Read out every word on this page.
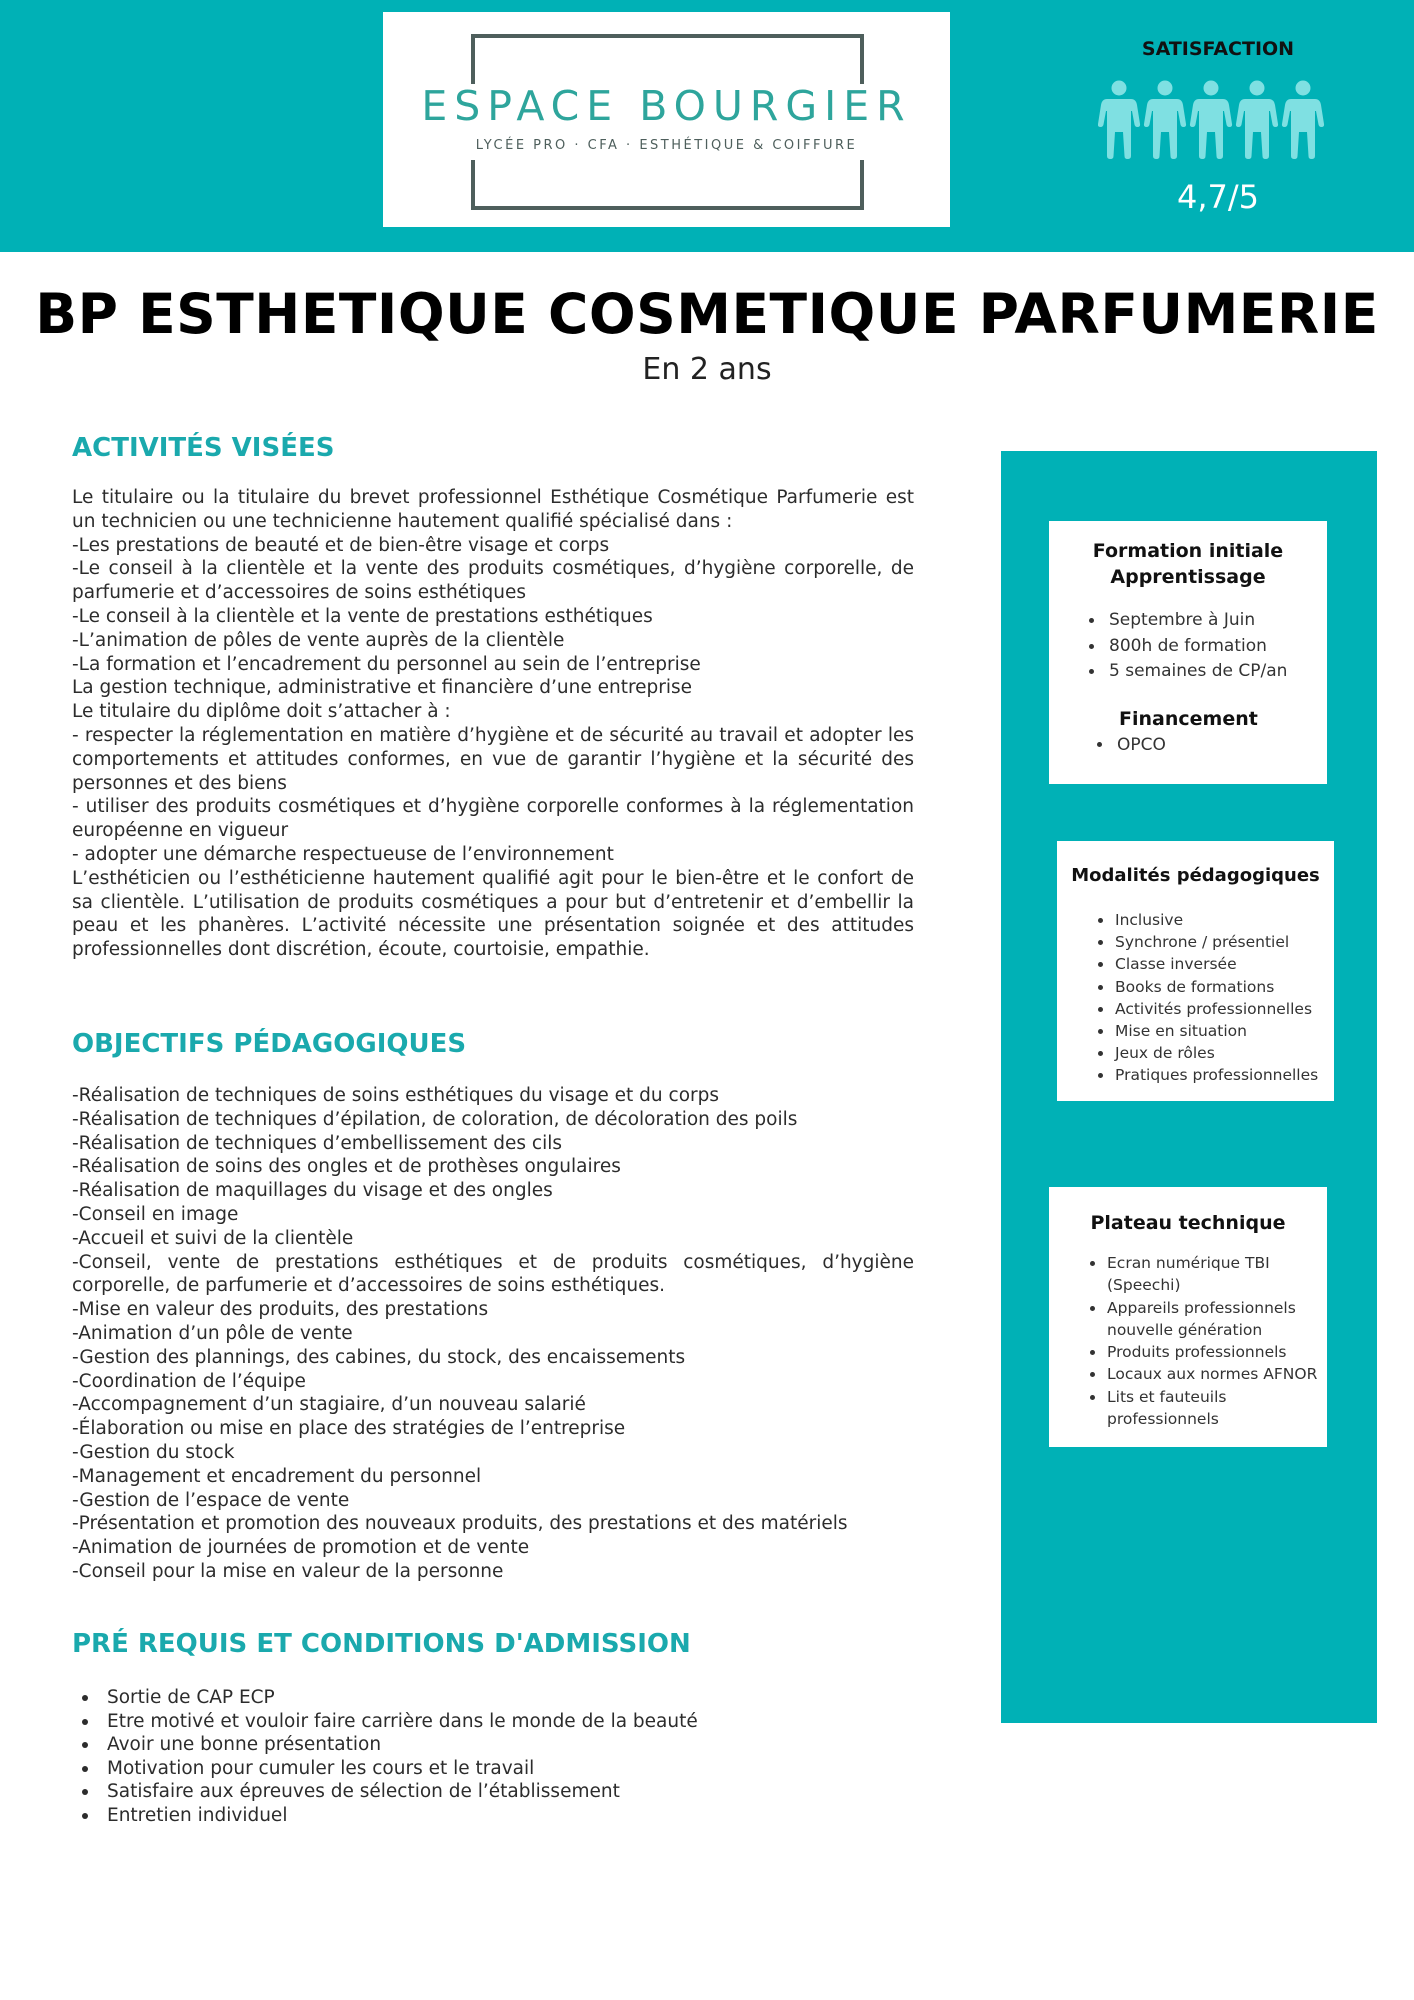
ESPACE BOURGIER
LYCÉE PRO · CFA · ESTHÉTIQUE & COIFFURE
SATISFACTION
4,7/5
BP ESTHETIQUE COSMETIQUE PARFUMERIE
En 2 ans
ACTIVITÉS VISÉES
Le titulaire ou la titulaire du brevet professionnel Esthétique Cosmétique Parfumerie est un technicien ou une technicienne hautement qualifié spécialisé dans :
-Les prestations de beauté et de bien-être visage et corps
-Le conseil à la clientèle et la vente des produits cosmétiques, d’hygiène corporelle, de parfumerie et d’accessoires de soins esthétiques
-Le conseil à la clientèle et la vente de prestations esthétiques
-L’animation de pôles de vente auprès de la clientèle
-La formation et l’encadrement du personnel au sein de l’entreprise
La gestion technique, administrative et financière d’une entreprise
Le titulaire du diplôme doit s’attacher à :
- respecter la réglementation en matière d’hygiène et de sécurité au travail et adopter les comportements et attitudes conformes, en vue de garantir l’hygiène et la sécurité des personnes et des biens
- utiliser des produits cosmétiques et d’hygiène corporelle conformes à la réglementation européenne en vigueur
- adopter une démarche respectueuse de l’environnement
L’esthéticien ou l’esthéticienne hautement qualifié agit pour le bien-être et le confort de sa clientèle. L’utilisation de produits cosmétiques a pour but d’entretenir et d’embellir la peau et les phanères. L’activité nécessite une présentation soignée et des attitudes professionnelles dont discrétion, écoute, courtoisie, empathie.
OBJECTIFS PÉDAGOGIQUES
-Réalisation de techniques de soins esthétiques du visage et du corps
-Réalisation de techniques d’épilation, de coloration, de décoloration des poils
-Réalisation de techniques d’embellissement des cils
-Réalisation de soins des ongles et de prothèses ongulaires
-Réalisation de maquillages du visage et des ongles
-Conseil en image
-Accueil et suivi de la clientèle
-Conseil, vente de prestations esthétiques et de produits cosmétiques, d’hygiène corporelle, de parfumerie et d’accessoires de soins esthétiques.
-Mise en valeur des produits, des prestations
-Animation d’un pôle de vente
-Gestion des plannings, des cabines, du stock, des encaissements
-Coordination de l’équipe
-Accompagnement d’un stagiaire, d’un nouveau salarié
-Élaboration ou mise en place des stratégies de l’entreprise
-Gestion du stock
-Management et encadrement du personnel
-Gestion de l’espace de vente
-Présentation et promotion des nouveaux produits, des prestations et des matériels
-Animation de journées de promotion et de vente
-Conseil pour la mise en valeur de la personne
PRÉ REQUIS ET CONDITIONS D'ADMISSION
Sortie de CAP ECP
Etre motivé et vouloir faire carrière dans le monde de la beauté
Avoir une bonne présentation
Motivation pour cumuler les cours et le travail
Satisfaire aux épreuves de sélection de l’établissement
Entretien individuel
Formation initiale
Apprentissage
Septembre à Juin
800h de formation
5 semaines de CP/an
Financement
OPCO
Modalités pédagogiques
Inclusive
Synchrone / présentiel
Classe inversée
Books de formations
Activités professionnelles
Mise en situation
Jeux de rôles
Pratiques professionnelles
Plateau technique
Ecran numérique TBI (Speechi)
Appareils professionnels nouvelle génération
Produits professionnels
Locaux aux normes AFNOR
Lits et fauteuils professionnels
